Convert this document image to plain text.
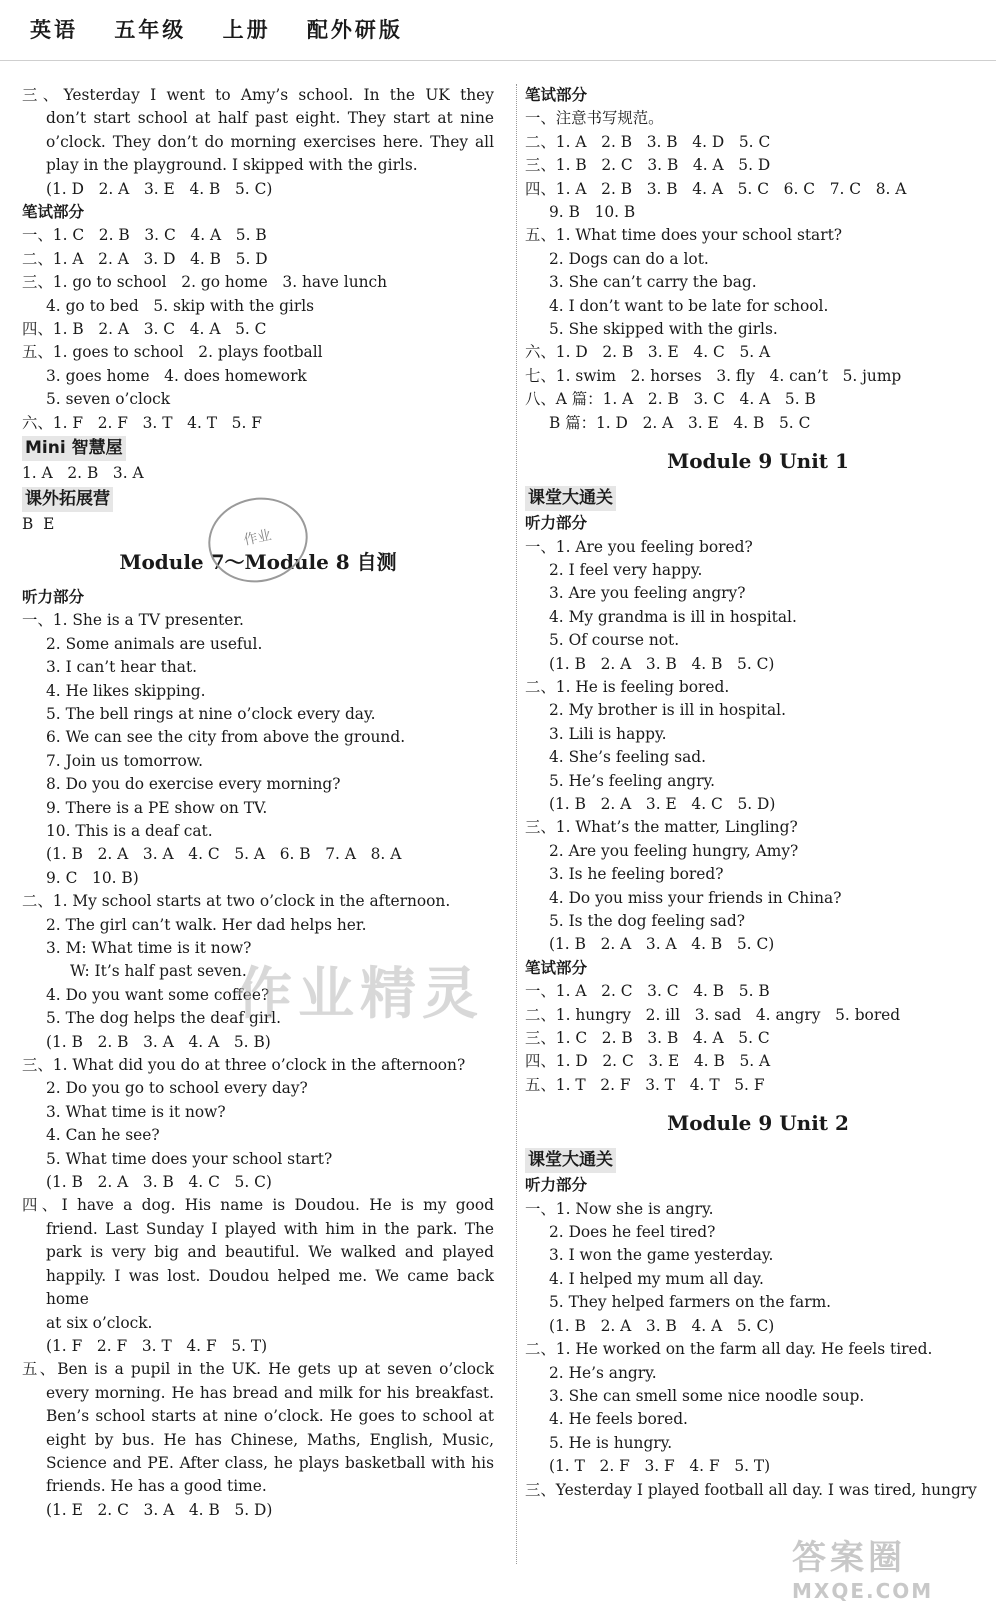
英语 五年级 上册 配外研版
三、Yesterday I went to Amy’s school. In the UK they
don’t start school at half past eight. They start at nine
o’clock. They don’t do morning exercises here. They all
play in the playground. I skipped with the girls.
(1. D   2. A   3. E   4. B   5. C)
笔试部分
一、1. C   2. B   3. C   4. A   5. B
二、1. A   2. A   3. D   4. B   5. D
三、1. go to school   2. go home   3. have lunch
4. go to bed   5. skip with the girls
四、1. B   2. A   3. C   4. A   5. C
五、1. goes to school   2. plays football
3. goes home   4. does homework
5. seven o’clock
六、1. F   2. F   3. T   4. T   5. F
Mini 智慧屋
1. A   2. B   3. A
课外拓展营
B  E
Module 7～Module 8 自测
听力部分
一、1. She is a TV presenter.
2. Some animals are useful.
3. I can’t hear that.
4. He likes skipping.
5. The bell rings at nine o’clock every day.
6. We can see the city from above the ground.
7. Join us tomorrow.
8. Do you do exercise every morning?
9. There is a PE show on TV.
10. This is a deaf cat.
(1. B   2. A   3. A   4. C   5. A   6. B   7. A   8. A
9. C   10. B)
二、1. My school starts at two o’clock in the afternoon.
2. The girl can’t walk. Her dad helps her.
3. M: What time is it now?
W: It’s half past seven.
4. Do you want some coffee?
5. The dog helps the deaf girl.
(1. B   2. B   3. A   4. A   5. B)
三、1. What did you do at three o’clock in the afternoon?
2. Do you go to school every day?
3. What time is it now?
4. Can he see?
5. What time does your school start?
(1. B   2. A   3. B   4. C   5. C)
四、I have a dog. His name is Doudou. He is my good
friend. Last Sunday I played with him in the park. The
park is very big and beautiful. We walked and played
happily. I was lost. Doudou helped me. We came back home
at six o’clock.
(1. F   2. F   3. T   4. F   5. T)
五、Ben is a pupil in the UK. He gets up at seven o’clock
every morning. He has bread and milk for his breakfast.
Ben’s school starts at nine o’clock. He goes to school at
eight by bus. He has Chinese, Maths, English, Music,
Science and PE. After class, he plays basketball with his
friends. He has a good time.
(1. E   2. C   3. A   4. B   5. D)
笔试部分
一、注意书写规范。
二、1. A   2. B   3. B   4. D   5. C
三、1. B   2. C   3. B   4. A   5. D
四、1. A   2. B   3. B   4. A   5. C   6. C   7. C   8. A
9. B   10. B
五、1. What time does your school start?
2. Dogs can do a lot.
3. She can’t carry the bag.
4. I don’t want to be late for school.
5. She skipped with the girls.
六、1. D   2. B   3. E   4. C   5. A
七、1. swim   2. horses   3. fly   4. can’t   5. jump
八、A 篇：1. A   2. B   3. C   4. A   5. B
B 篇：1. D   2. A   3. E   4. B   5. C
Module 9 Unit 1
课堂大通关
听力部分
一、1. Are you feeling bored?
2. I feel very happy.
3. Are you feeling angry?
4. My grandma is ill in hospital.
5. Of course not.
(1. B   2. A   3. B   4. B   5. C)
二、1. He is feeling bored.
2. My brother is ill in hospital.
3. Lili is happy.
4. She’s feeling sad.
5. He’s feeling angry.
(1. B   2. A   3. E   4. C   5. D)
三、1. What’s the matter, Lingling?
2. Are you feeling hungry, Amy?
3. Is he feeling bored?
4. Do you miss your friends in China?
5. Is the dog feeling sad?
(1. B   2. A   3. A   4. B   5. C)
笔试部分
一、1. A   2. C   3. C   4. B   5. B
二、1. hungry   2. ill   3. sad   4. angry   5. bored
三、1. C   2. B   3. B   4. A   5. C
四、1. D   2. C   3. E   4. B   5. A
五、1. T   2. F   3. T   4. T   5. F
Module 9 Unit 2
课堂大通关
听力部分
一、1. Now she is angry.
2. Does he feel tired?
3. I won the game yesterday.
4. I helped my mum all day.
5. They helped farmers on the farm.
(1. B   2. A   3. B   4. A   5. C)
二、1. He worked on the farm all day. He feels tired.
2. He’s angry.
3. She can smell some nice noodle soup.
4. He feels bored.
5. He is hungry.
(1. T   2. F   3. F   4. F   5. T)
三、Yesterday I played football all day. I was tired, hungry
作业
作业精灵
答案圈
MXQE.COM
